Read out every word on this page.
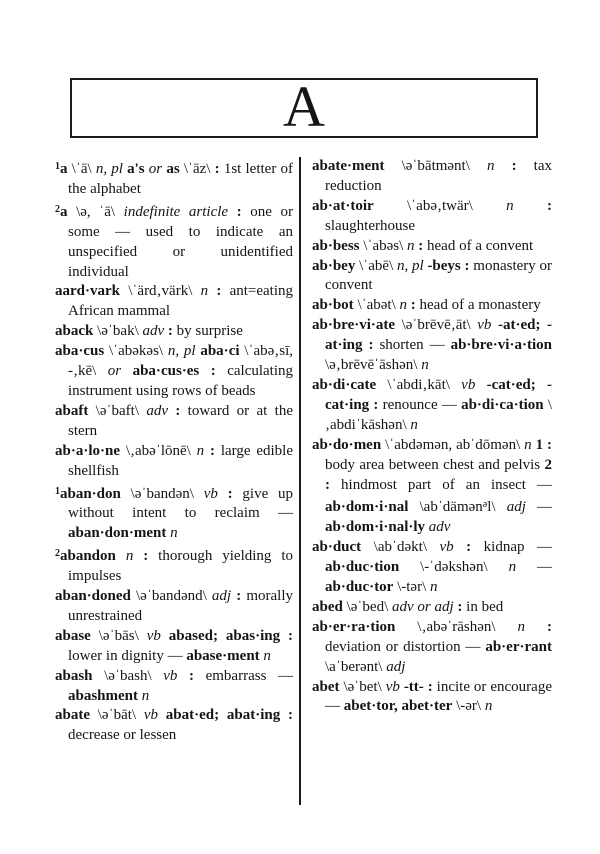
A

$^1$a \ˈā\ n, pl a's or as \ˈāz\ : 1st letter of the alphabet

$^2$a \ə, ˈā\ indefinite article : one or some — used to indicate an unspecified or unidentified individual

aard·vark \ˈärd‚värk\ n : ant=eating African mammal

aback \əˈbak\ adv : by surprise

aba·cus \ˈabəkəs\ n, pl aba·ci \ˈabə‚sī, -‚kē\ or aba·cus·es : calculating instrument using rows of beads

abaft \əˈbaft\ adv : toward or at the stern

ab·a·lo·ne \‚abəˈlōnē\ n : large edible shellfish

$^1$aban·don \əˈbandən\ vb : give up without intent to reclaim — aban·don·ment n

$^2$abandon n : thorough yielding to impulses

aban·doned \əˈbandənd\ adj : morally unrestrained

abase \əˈbās\ vb abased; abas·ing : lower in dignity — abase·ment n

abash \əˈbash\ vb : embarrass — abashment n

abate \əˈbāt\ vb abat·ed; abat·ing : decrease or lessen

abate·ment \əˈbātmənt\ n : tax reduction

ab·at·toir \ˈabə‚twär\ n : slaughterhouse

ab·bess \ˈabəs\ n : head of a convent

ab·bey \ˈabē\ n, pl -beys : monastery or convent

ab·bot \ˈabət\ n : head of a monastery

ab·bre·vi·ate \əˈbrēvē‚āt\ vb -at·ed; -at·ing : shorten — ab·bre·vi·a·tion \ə‚brēvēˈāshən\ n

ab·di·cate \ˈabdi‚kāt\ vb -cat·ed; -cat·ing : renounce — ab·di·ca·tion \‚abdiˈkāshən\ n

ab·do·men \ˈabdəmən, abˈdōmən\ n 1 : body area between chest and pelvis 2 : hindmost part of an insect — ab·dom·i·nal \abˈdämən$^ə$l\ adj — ab·dom·i·nal·ly adv

ab·duct \abˈdəkt\ vb : kidnap — ab·duc·tion \-ˈdəkshən\ n — ab·duc·tor \-tər\ n

abed \əˈbed\ adv or adj : in bed

ab·er·ra·tion \‚abəˈrāshən\ n : deviation or distortion — ab·er·rant \aˈberənt\ adj

abet \əˈbet\ vb -tt- : incite or encourage — abet·tor, abet·ter \-ər\ n
